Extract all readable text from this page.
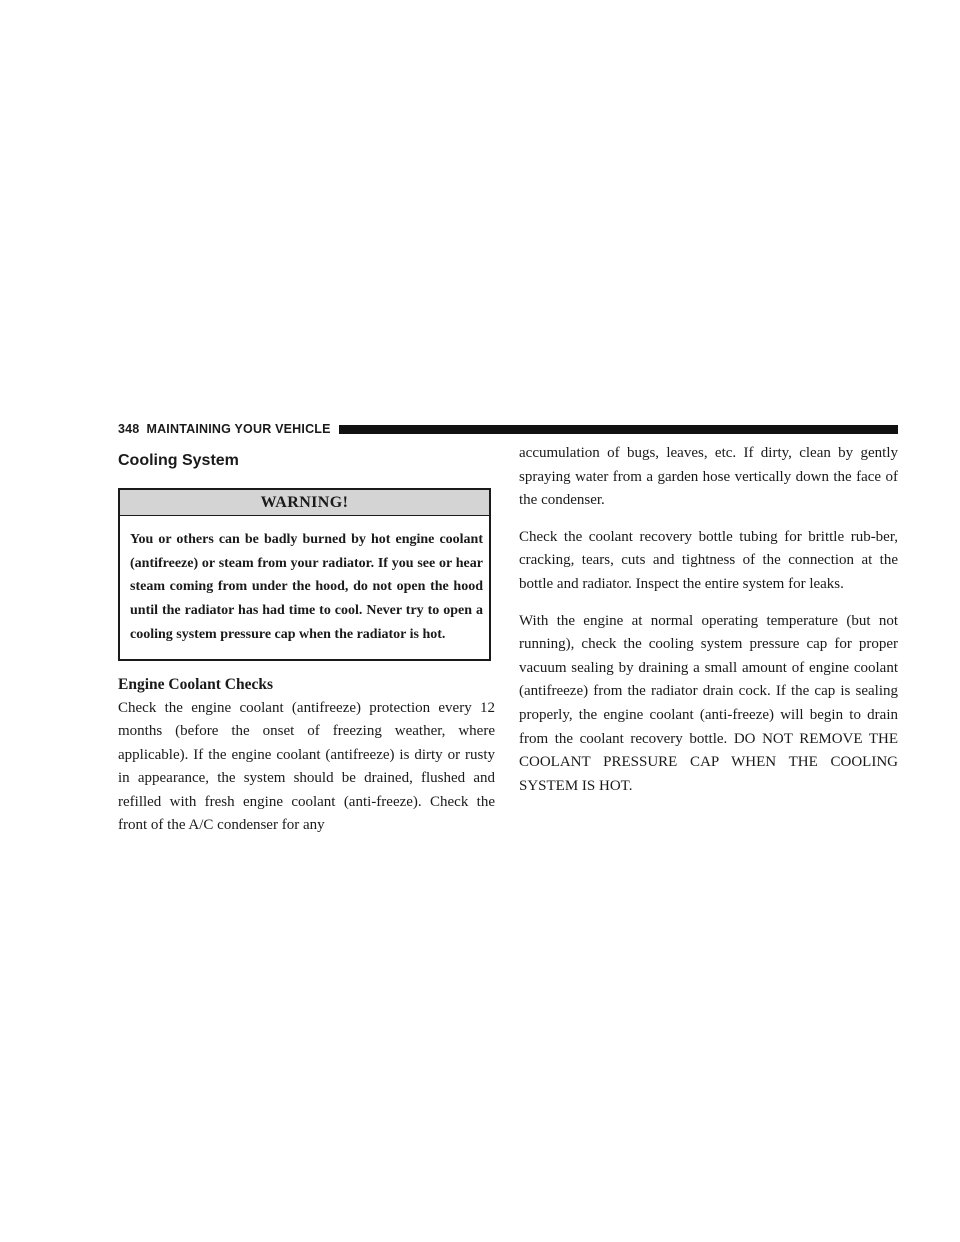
348 MAINTAINING YOUR VEHICLE
Cooling System
WARNING!
You or others can be badly burned by hot engine coolant (antifreeze) or steam from your radiator. If you see or hear steam coming from under the hood, do not open the hood until the radiator has had time to cool. Never try to open a cooling system pressure cap when the radiator is hot.
Engine Coolant Checks

Check the engine coolant (antifreeze) protection every 12 months (before the onset of freezing weather, where applicable). If the engine coolant (antifreeze) is dirty or rusty in appearance, the system should be drained, flushed and refilled with fresh engine coolant (anti-freeze). Check the front of the A/C condenser for any

accumulation of bugs, leaves, etc. If dirty, clean by gently spraying water from a garden hose vertically down the face of the condenser.

Check the coolant recovery bottle tubing for brittle rub-ber, cracking, tears, cuts and tightness of the connection at the bottle and radiator. Inspect the entire system for leaks.

With the engine at normal operating temperature (but not running), check the cooling system pressure cap for proper vacuum sealing by draining a small amount of engine coolant (antifreeze) from the radiator drain cock. If the cap is sealing properly, the engine coolant (anti-freeze) will begin to drain from the coolant recovery bottle. DO NOT REMOVE THE COOLANT PRESSURE CAP WHEN THE COOLING SYSTEM IS HOT.
